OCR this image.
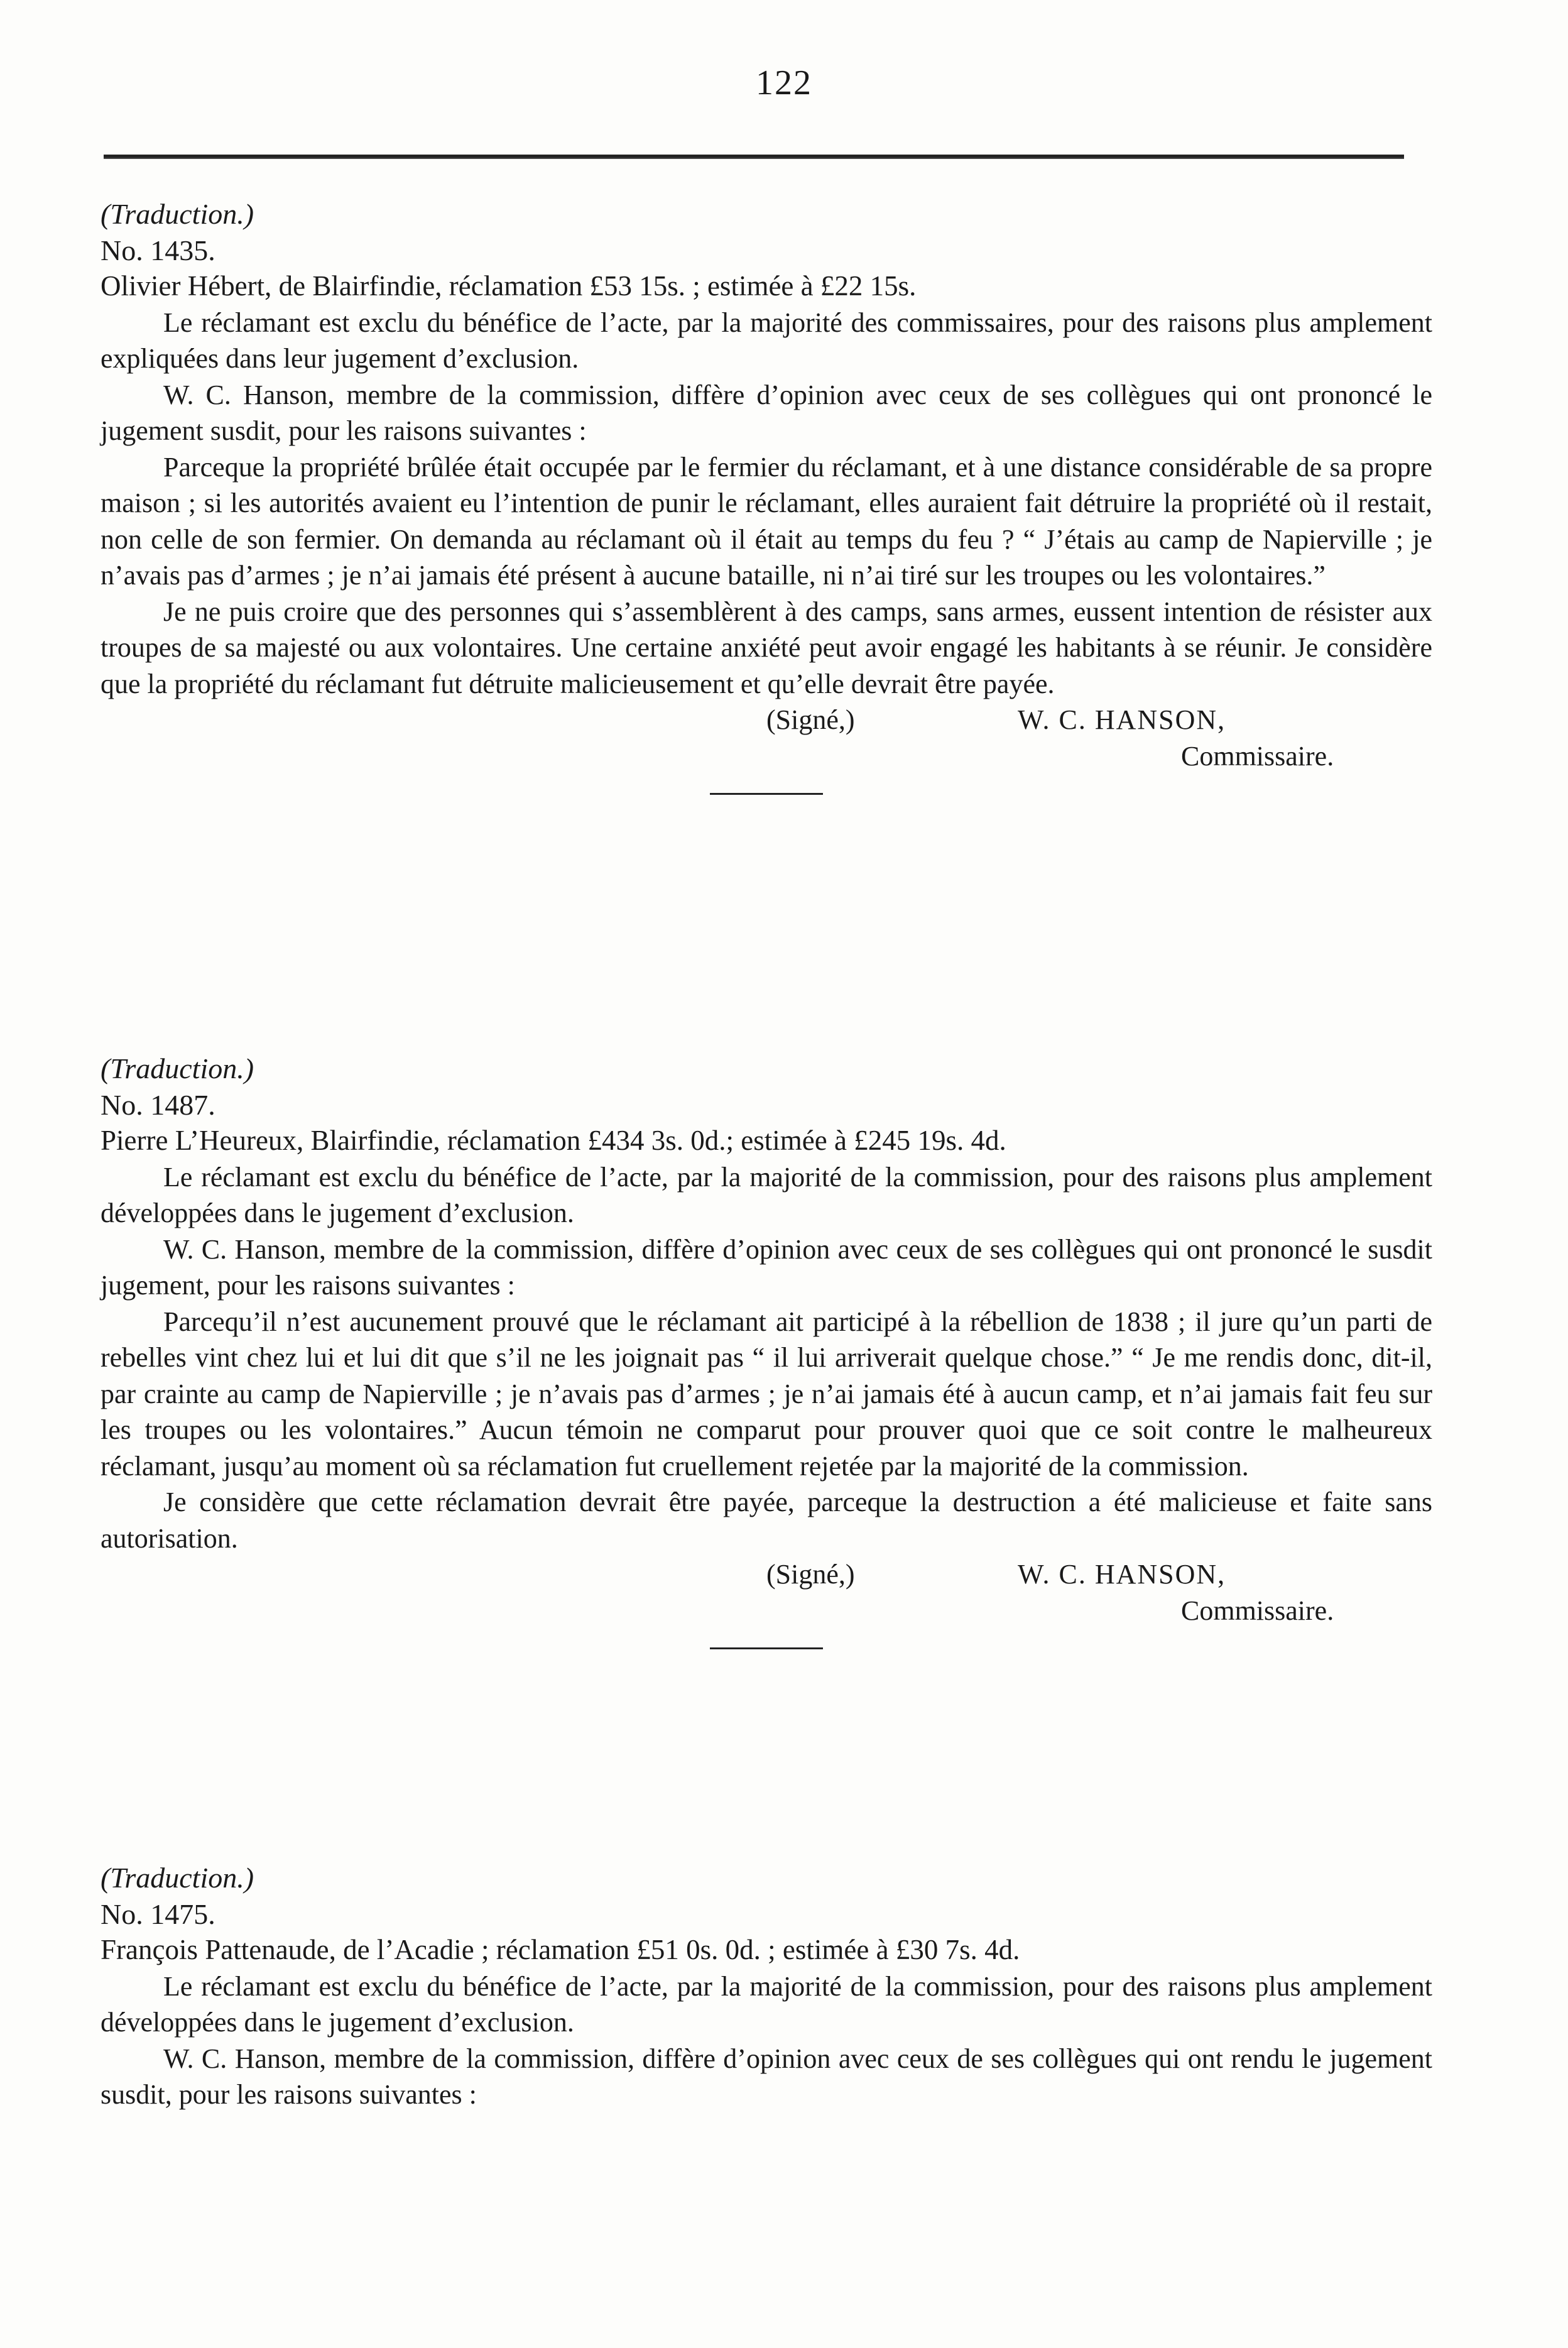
122

(Traduction.)

No. 1435.

Olivier Hébert, de Blairfindie, réclamation £53 15s. ; estimée à £22 15s.

Le réclamant est exclu du bénéfice de l’acte, par la majorité des commissaires, pour des raisons plus amplement expliquées dans leur jugement d’exclusion.

W. C. Hanson, membre de la commission, diffère d’opinion avec ceux de ses collègues qui ont prononcé le jugement susdit, pour les raisons suivantes :

Parceque la propriété brûlée était occupée par le fermier du réclamant, et à une distance considérable de sa propre maison ; si les autorités avaient eu l’intention de punir le réclamant, elles auraient fait détruire la propriété où il restait, non celle de son fermier. On demanda au réclamant où il était au temps du feu ? “ J’étais au camp de Napierville ; je n’avais pas d’armes ; je n’ai jamais été présent à aucune bataille, ni n’ai tiré sur les troupes ou les volontaires.”

Je ne puis croire que des personnes qui s’assemblèrent à des camps, sans armes, eussent intention de résister aux troupes de sa majesté ou aux volontaires. Une certaine anxiété peut avoir engagé les habitants à se réunir. Je considère que la propriété du réclamant fut détruite malicieusement et qu’elle devrait être payée.

(Signé,)	W. C. HANSON,
Commissaire.

(Traduction.)

No. 1487.

Pierre L’Heureux, Blairfindie, réclamation £434 3s. 0d.; estimée à £245 19s. 4d.

Le réclamant est exclu du bénéfice de l’acte, par la majorité de la commission, pour des raisons plus amplement développées dans le jugement d’exclusion.

W. C. Hanson, membre de la commission, diffère d’opinion avec ceux de ses collègues qui ont prononcé le susdit jugement, pour les raisons suivantes :

Parcequ’il n’est aucunement prouvé que le réclamant ait participé à la rébellion de 1838 ; il jure qu’un parti de rebelles vint chez lui et lui dit que s’il ne les joignait pas “ il lui arriverait quelque chose.” “ Je me rendis donc, dit-il, par crainte au camp de Napierville ; je n’avais pas d’armes ; je n’ai jamais été à aucun camp, et n’ai jamais fait feu sur les troupes ou les volontaires.” Aucun témoin ne comparut pour prouver quoi que ce soit contre le malheureux réclamant, jusqu’au moment où sa réclamation fut cruellement rejetée par la majorité de la commission.

Je considère que cette réclamation devrait être payée, parceque la destruction a été malicieuse et faite sans autorisation.

(Signé,)	W. C. HANSON,
Commissaire.

(Traduction.)

No. 1475.

François Pattenaude, de l’Acadie ; réclamation £51 0s. 0d. ; estimée à £30 7s. 4d.

Le réclamant est exclu du bénéfice de l’acte, par la majorité de la commission, pour des raisons plus amplement développées dans le jugement d’exclusion.

W. C. Hanson, membre de la commission, diffère d’opinion avec ceux de ses collègues qui ont rendu le jugement susdit, pour les raisons suivantes :
